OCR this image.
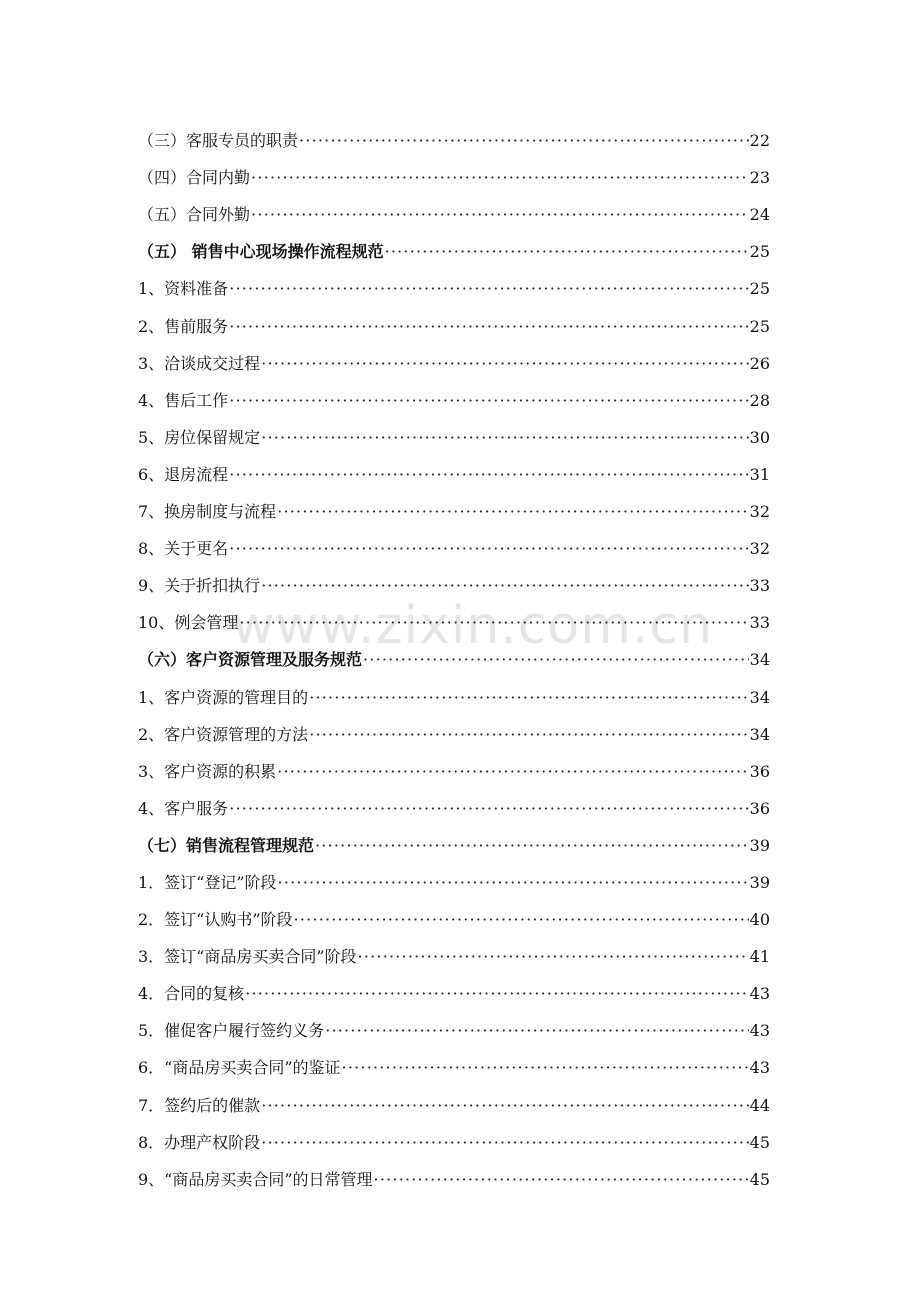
www.zixin.com.cn
（三）客服专员的职责 ·····	22
（四）合同内勤 ·····	23
（五）合同外勤 ·····	24
（五） 销售中心现场操作流程规范 ·····	25
1、资料准备 ·····	25
2、售前服务 ·····	25
3、洽谈成交过程 ·····	26
4、售后工作 ·····	28
5、房位保留规定 ·····	30
6、退房流程 ·····	31
7、换房制度与流程 ·····	32
8、关于更名 ·····	32
9、关于折扣执行 ·····	33
10、例会管理 ·····	33
（六）客户资源管理及服务规范 ·····	34
1、客户资源的管理目的 ·····	34
2、客户资源管理的方法 ·····	34
3、客户资源的积累 ·····	36
4、客户服务 ·····	36
（七）销售流程管理规范 ·····	39
1．签订“登记”阶段 ·····	39
2．签订“认购书”阶段 ·····	40
3．签订“商品房买卖合同”阶段 ·····	41
4．合同的复核 ·····	43
5．催促客户履行签约义务 ·····	43
6．“商品房买卖合同”的鉴证 ·····	43
7．签约后的催款 ·····	44
8．办理产权阶段 ·····	45
9、“商品房买卖合同”的日常管理 ·····	45
